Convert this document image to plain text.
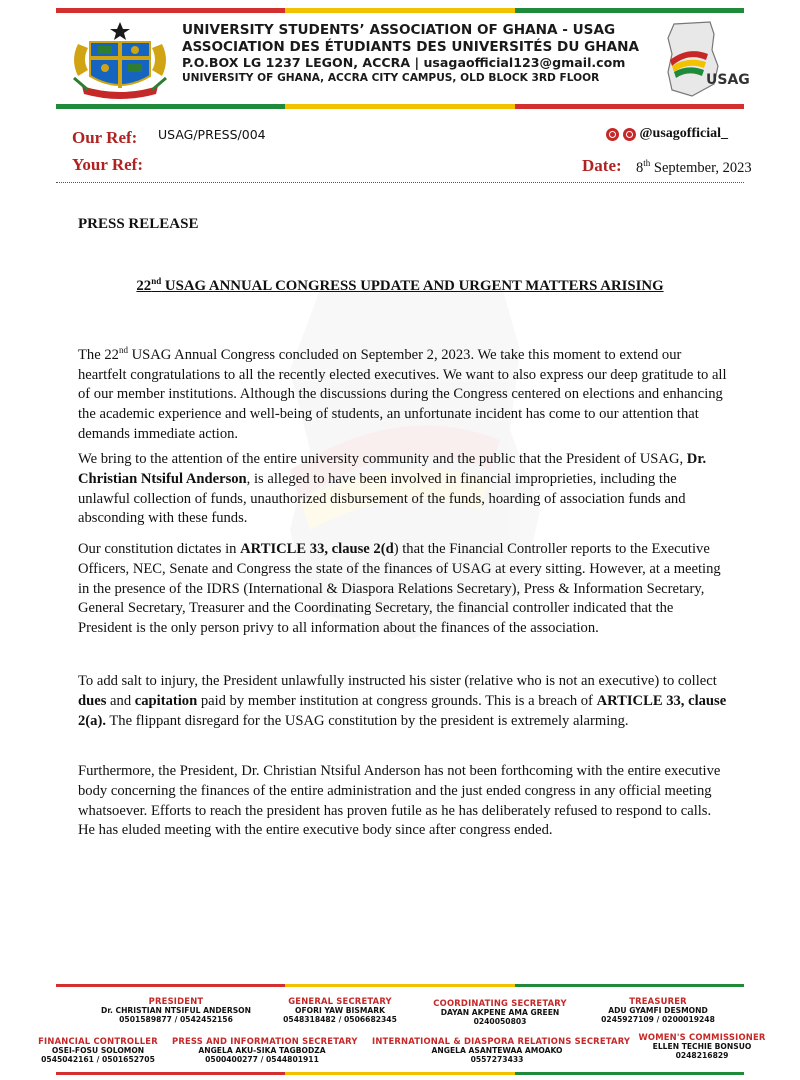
UNIVERSITY STUDENTS’ ASSOCIATION OF GHANA - USAG
ASSOCIATION DES ÉTUDIANTS DES UNIVERSITÉS DU GHANA
P.O.BOX LG 1237 LEGON, ACCRA | usagaofficial123@gmail.com
UNIVERSITY OF GHANA, ACCRA CITY CAMPUS, OLD BLOCK 3RD FLOOR	USAG
Our Ref: USAG/PRESS/004
Your Ref:
@usagofficial_
Date: 8th September, 2023
PRESS RELEASE
22nd USAG ANNUAL CONGRESS UPDATE AND URGENT MATTERS ARISING

The 22nd USAG Annual Congress concluded on September 2, 2023. We take this moment to extend our heartfelt congratulations to all the recently elected executives. We want to also express our deep gratitude to all of our member institutions. Although the discussions during the Congress centered on elections and enhancing the academic experience and well-being of students, an unfortunate incident has come to our attention that demands immediate action.

We bring to the attention of the entire university community and the public that the President of USAG, Dr. Christian Ntsiful Anderson, is alleged to have been involved in financial improprieties, including the unlawful collection of funds, unauthorized disbursement of the funds, hoarding of association funds and absconding with these funds.

Our constitution dictates in ARTICLE 33, clause 2(d) that the Financial Controller reports to the Executive Officers, NEC, Senate and Congress the state of the finances of USAG at every sitting. However, at a meeting in the presence of the IDRS (International & Diaspora Relations Secretary), Press & Information Secretary, General Secretary, Treasurer and the Coordinating Secretary, the financial controller indicated that the President is the only person privy to all information about the finances of the association.

To add salt to injury, the President unlawfully instructed his sister (relative who is not an executive) to collect dues and capitation paid by member institution at congress grounds. This is a breach of ARTICLE 33, clause 2(a). The flippant disregard for the USAG constitution by the president is extremely alarming.

Furthermore, the President, Dr. Christian Ntsiful Anderson has not been forthcoming with the entire executive body concerning the finances of the entire administration and the just ended congress in any official meeting whatsoever. Efforts to reach the president has proven futile as he has deliberately refused to respond to calls. He has eluded meeting with the entire executive body since after congress ended.

PRESIDENT
Dr. CHRISTIAN NTSIFUL ANDERSON
0501589877 / 0542452156
GENERAL SECRETARY
OFORI YAW BISMARK
0548318482 / 0506682345
COORDINATING SECRETARY
DAYAN AKPENE AMA GREEN
0240050803
TREASURER
ADU GYAMFI DESMOND
0245927109 / 0200019248
FINANCIAL CONTROLLER
OSEI-FOSU SOLOMON
0545042161 / 0501652705
PRESS AND INFORMATION SECRETARY
ANGELA AKU-SIKA TAGBODZA
0500400277 / 0544801911
INTERNATIONAL & DIASPORA RELATIONS SECRETARY
ANGELA ASANTEWAA AMOAKO
0557273433
WOMEN'S COMMISSIONER
ELLEN TECHIE BONSUO
0248216829
